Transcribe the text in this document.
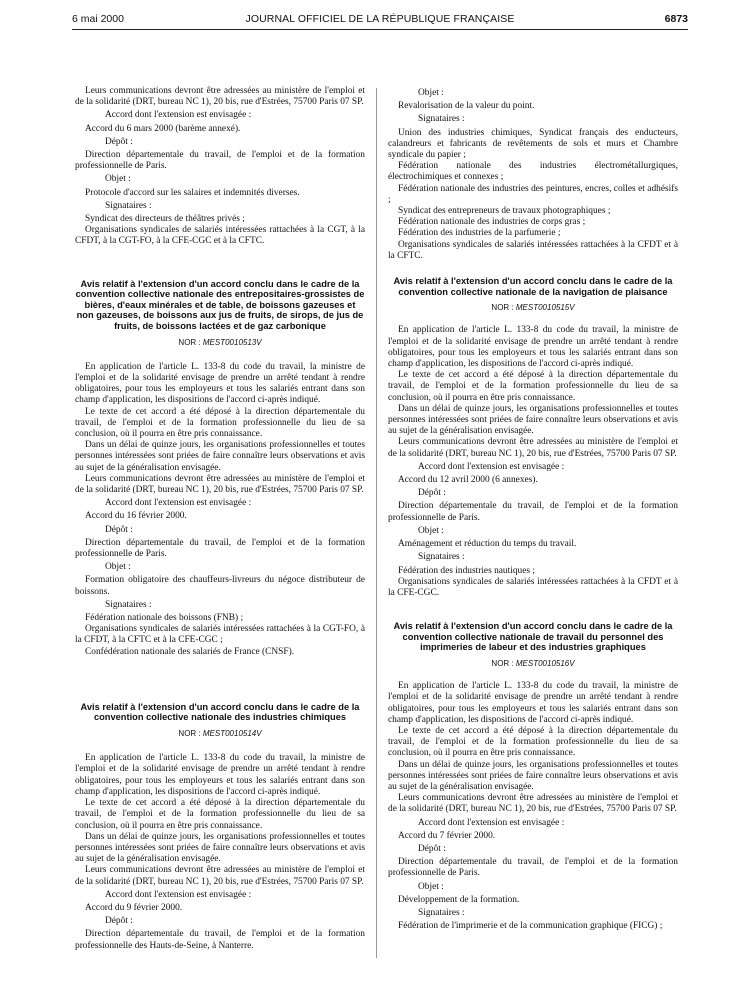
6 mai 2000	JOURNAL OFFICIEL DE LA RÉPUBLIQUE FRANÇAISE	6873

Leurs communications devront être adressées au ministère de l'emploi et de la solidarité (DRT, bureau NC 1), 20 bis, rue d'Estrées, 75700 Paris 07 SP.

Accord dont l'extension est envisagée :

Accord du 6 mars 2000 (barème annexé).

Dépôt :

Direction départementale du travail, de l'emploi et de la formation professionnelle de Paris.

Objet :

Protocole d'accord sur les salaires et indemnités diverses.

Signataires :

Syndicat des directeurs de théâtres privés ;

Organisations syndicales de salariés intéressées rattachées à la CGT, à la CFDT, à la CGT-FO, à la CFE-CGC et à la CFTC.

Avis relatif à l'extension d'un accord conclu dans le cadre de la convention collective nationale des entrepositaires-grossistes de bières, d'eaux minérales et de table, de boissons gazeuses et non gazeuses, de boissons aux jus de fruits, de sirops, de jus de fruits, de boissons lactées et de gaz carbonique

NOR : MEST0010513V

En application de l'article L. 133-8 du code du travail, la ministre de l'emploi et de la solidarité envisage de prendre un arrêté tendant à rendre obligatoires, pour tous les employeurs et tous les salariés entrant dans son champ d'application, les dispositions de l'accord ci-après indiqué.

Le texte de cet accord a été déposé à la direction départementale du travail, de l'emploi et de la formation professionnelle du lieu de sa conclusion, où il pourra en être pris connaissance.

Dans un délai de quinze jours, les organisations professionnelles et toutes personnes intéressées sont priées de faire connaître leurs observations et avis au sujet de la généralisation envisagée.

Leurs communications devront être adressées au ministère de l'emploi et de la solidarité (DRT, bureau NC 1), 20 bis, rue d'Estrées, 75700 Paris 07 SP.

Accord dont l'extension est envisagée :

Accord du 16 février 2000.

Dépôt :

Direction départementale du travail, de l'emploi et de la formation professionnelle de Paris.

Objet :

Formation obligatoire des chauffeurs-livreurs du négoce distributeur de boissons.

Signataires :

Fédération nationale des boissons (FNB) ;

Organisations syndicales de salariés intéressées rattachées à la CGT-FO, à la CFDT, à la CFTC et à la CFE-CGC ;

Confédération nationale des salariés de France (CNSF).

Avis relatif à l'extension d'un accord conclu dans le cadre de la convention collective nationale des industries chimiques

NOR : MEST0010514V

En application de l'article L. 133-8 du code du travail, la ministre de l'emploi et de la solidarité envisage de prendre un arrêté tendant à rendre obligatoires, pour tous les employeurs et tous les salariés entrant dans son champ d'application, les dispositions de l'accord ci-après indiqué.

Le texte de cet accord a été déposé à la direction départementale du travail, de l'emploi et de la formation professionnelle du lieu de sa conclusion, où il pourra en être pris connaissance.

Dans un délai de quinze jours, les organisations professionnelles et toutes personnes intéressées sont priées de faire connaître leurs observations et avis au sujet de la généralisation envisagée.

Leurs communications devront être adressées au ministère de l'emploi et de la solidarité (DRT, bureau NC 1), 20 bis, rue d'Estrées, 75700 Paris 07 SP.

Accord dont l'extension est envisagée :

Accord du 9 février 2000.

Dépôt :

Direction départementale du travail, de l'emploi et de la formation professionnelle des Hauts-de-Seine, à Nanterre.

Objet :

Revalorisation de la valeur du point.

Signataires :

Union des industries chimiques, Syndicat français des enducteurs, calandreurs et fabricants de revêtements de sols et murs et Chambre syndicale du papier ;

Fédération nationale des industries électrométallurgiques, électrochimiques et connexes ;

Fédération nationale des industries des peintures, encres, colles et adhésifs ;

Syndicat des entrepreneurs de travaux photographiques ;

Fédération nationale des industries de corps gras ;

Fédération des industries de la parfumerie ;

Organisations syndicales de salariés intéressées rattachées à la CFDT et à la CFTC.

Avis relatif à l'extension d'un accord conclu dans le cadre de la convention collective nationale de la navigation de plaisance

NOR : MEST0010515V

En application de l'article L. 133-8 du code du travail, la ministre de l'emploi et de la solidarité envisage de prendre un arrêté tendant à rendre obligatoires, pour tous les employeurs et tous les salariés entrant dans son champ d'application, les dispositions de l'accord ci-après indiqué.

Le texte de cet accord a été déposé à la direction départementale du travail, de l'emploi et de la formation professionnelle du lieu de sa conclusion, où il pourra en être pris connaissance.

Dans un délai de quinze jours, les organisations professionnelles et toutes personnes intéressées sont priées de faire connaître leurs observations et avis au sujet de la généralisation envisagée.

Leurs communications devront être adressées au ministère de l'emploi et de la solidarité (DRT, bureau NC 1), 20 bis, rue d'Estrées, 75700 Paris 07 SP.

Accord dont l'extension est envisagée :

Accord du 12 avril 2000 (6 annexes).

Dépôt :

Direction départementale du travail, de l'emploi et de la formation professionnelle de Paris.

Objet :

Aménagement et réduction du temps du travail.

Signataires :

Fédération des industries nautiques ;

Organisations syndicales de salariés intéressées rattachées à la CFDT et à la CFE-CGC.

Avis relatif à l'extension d'un accord conclu dans le cadre de la convention collective nationale de travail du personnel des imprimeries de labeur et des industries graphiques

NOR : MEST0010516V

En application de l'article L. 133-8 du code du travail, la ministre de l'emploi et de la solidarité envisage de prendre un arrêté tendant à rendre obligatoires, pour tous les employeurs et tous les salariés entrant dans son champ d'application, les dispositions de l'accord ci-après indiqué.

Le texte de cet accord a été déposé à la direction départementale du travail, de l'emploi et de la formation professionnelle du lieu de sa conclusion, où il pourra en être pris connaissance.

Dans un délai de quinze jours, les organisations professionnelles et toutes personnes intéressées sont priées de faire connaître leurs observations et avis au sujet de la généralisation envisagée.

Leurs communications devront être adressées au ministère de l'emploi et de la solidarité (DRT, bureau NC 1), 20 bis, rue d'Estrées, 75700 Paris 07 SP.

Accord dont l'extension est envisagée :

Accord du 7 février 2000.

Dépôt :

Direction départementale du travail, de l'emploi et de la formation professionnelle de Paris.

Objet :

Développement de la formation.

Signataires :

Fédération de l'imprimerie et de la communication graphique (FICG) ;
